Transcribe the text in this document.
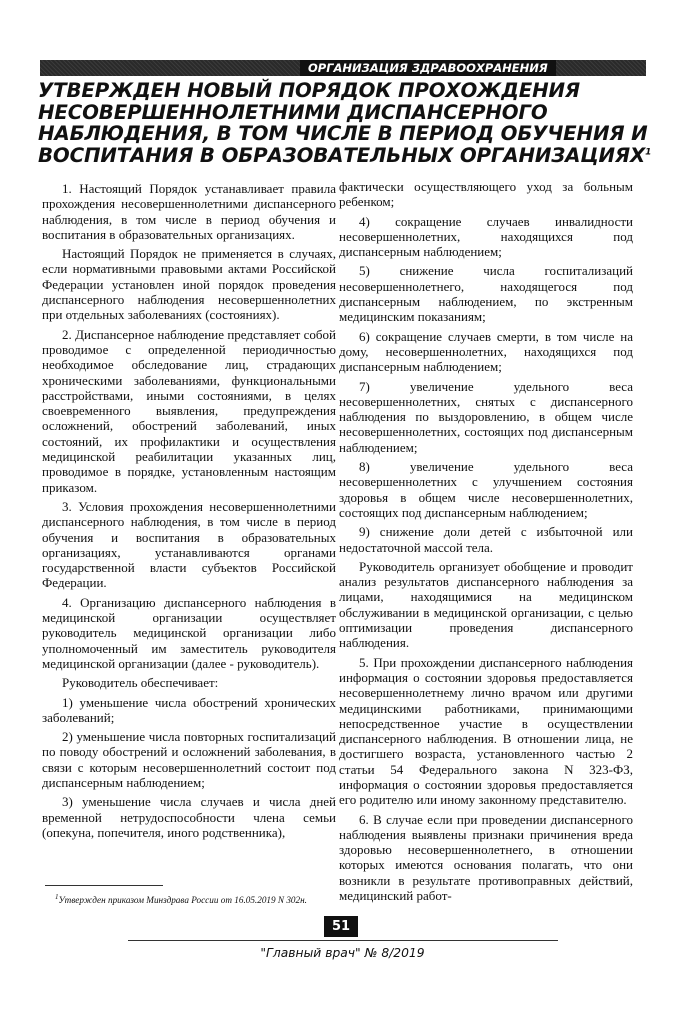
ОРГАНИЗАЦИЯ ЗДРАВООХРАНЕНИЯ
УТВЕРЖДЕН НОВЫЙ ПОРЯДОК ПРОХОЖДЕНИЯ
НЕСОВЕРШЕННОЛЕТНИМИ ДИСПАНСЕРНОГО
НАБЛЮДЕНИЯ, В ТОМ ЧИСЛЕ В ПЕРИОД ОБУЧЕНИЯ И
ВОСПИТАНИЯ В ОБРАЗОВАТЕЛЬНЫХ ОРГАНИЗАЦИЯХ$^1$

1. Настоящий Порядок устанавливает правила прохождения несовершеннолетними диспансерного наблюдения, в том числе в период обучения и воспитания в образовательных организациях.

Настоящий Порядок не применяется в случаях, если нормативными правовыми актами Российской Федерации установлен иной порядок проведения диспансерного наблюдения несовершеннолетних при отдельных заболеваниях (состояниях).

2. Диспансерное наблюдение представляет собой проводимое с определенной периодичностью необходимое обследование лиц, страдающих хроническими заболеваниями, функциональными расстройствами, иными состояниями, в целях своевременного выявления, предупреждения осложнений, обострений заболеваний, иных состояний, их профилактики и осуществления медицинской реабилитации указанных лиц, проводимое в порядке, установленным настоящим приказом.

3. Условия прохождения несовершеннолетними диспансерного наблюдения, в том числе в период обучения и воспитания в образовательных организациях, устанавливаются органами государственной власти субъектов Российской Федерации.

4. Организацию диспансерного наблюдения в медицинской организации осуществляет руководитель медицинской организации либо уполномоченный им заместитель руководителя медицинской организации (далее - руководитель).

Руководитель обеспечивает:

1) уменьшение числа обострений хронических заболеваний;

2) уменьшение числа повторных госпитализаций по поводу обострений и осложнений заболевания, в связи с которым несовершеннолетний состоит под диспансерным наблюдением;

3) уменьшение числа случаев и числа дней временной нетрудоспособности члена семьи (опекуна, попечителя, иного родственника),

фактически осуществляющего уход за больным ребенком;

4) сокращение случаев инвалидности несовершеннолетних, находящихся под диспансерным наблюдением;

5) снижение числа госпитализаций несовершеннолетнего, находящегося под диспансерным наблюдением, по экстренным медицинским показаниям;

6) сокращение случаев смерти, в том числе на дому, несовершеннолетних, находящихся под диспансерным наблюдением;

7) увеличение удельного веса несовершеннолетних, снятых с диспансерного наблюдения по выздоровлению, в общем числе несовершеннолетних, состоящих под диспансерным наблюдением;

8) увеличение удельного веса несовершеннолетних с улучшением состояния здоровья в общем числе несовершеннолетних, состоящих под диспансерным наблюдением;

9) снижение доли детей с избыточной или недостаточной массой тела.

Руководитель организует обобщение и проводит анализ результатов диспансерного наблюдения за лицами, находящимися на медицинском обслуживании в медицинской организации, с целью оптимизации проведения диспансерного наблюдения.

5. При прохождении диспансерного наблюдения информация о состоянии здоровья предоставляется несовершеннолетнему лично врачом или другими медицинскими работниками, принимающими непосредственное участие в осуществлении диспансерного наблюдения. В отношении лица, не достигшего возраста, установленного частью 2 статьи 54 Федерального закона N 323-ФЗ, информация о состоянии здоровья предоставляется его родителю или иному законному представителю.

6. В случае если при проведении диспансерного наблюдения выявлены признаки причинения вреда здоровью несовершеннолетнего, в отношении которых имеются основания полагать, что они возникли в результате противоправных действий, медицинский работ-

$^1$Утвержден приказом Минздрава России от 16.05.2019 N 302н.
51
"Главный врач" № 8/2019
